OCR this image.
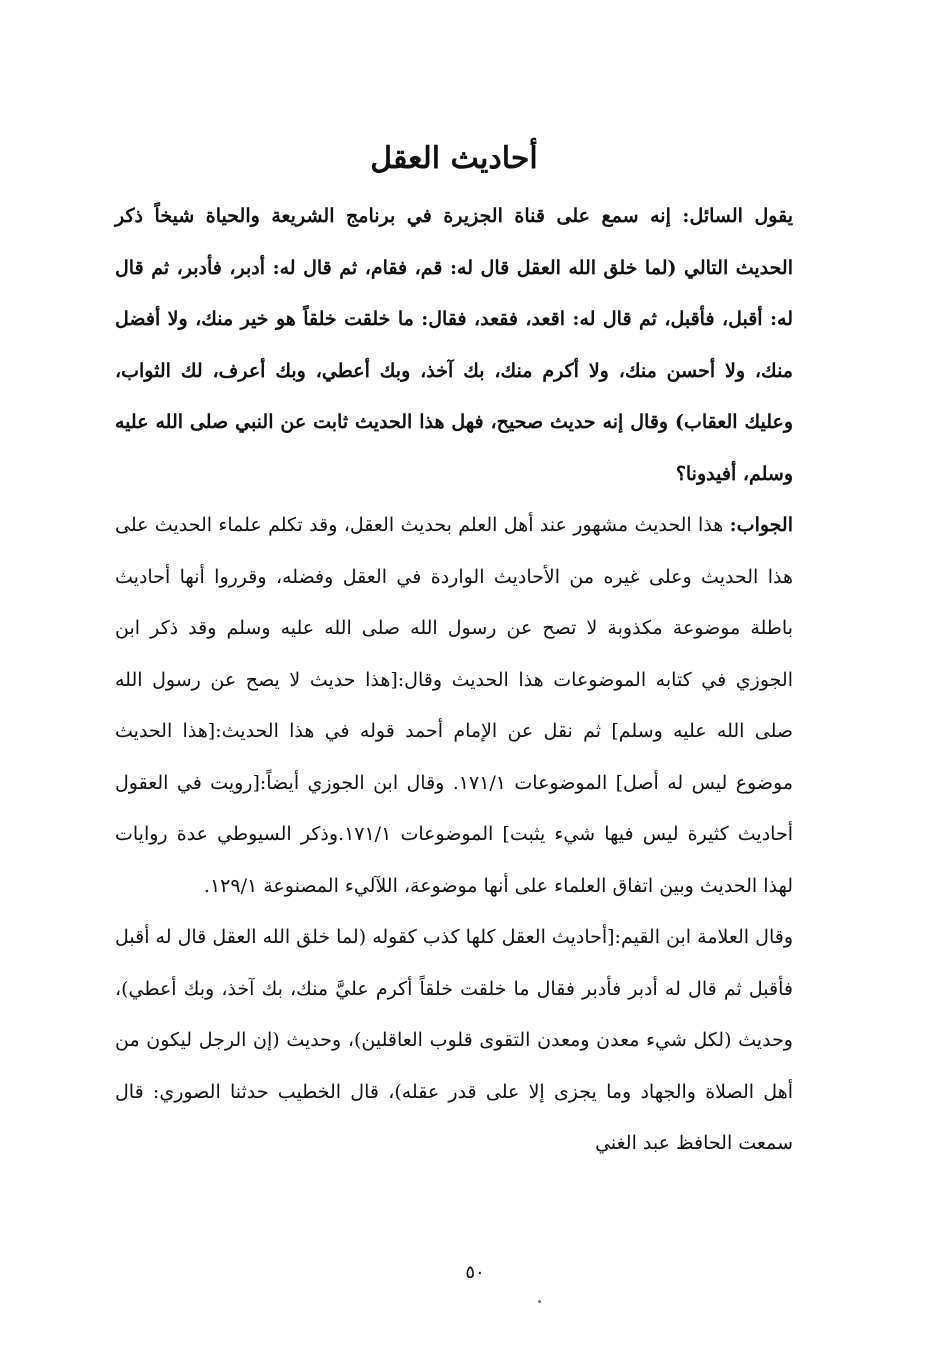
أحاديث العقل

يقول السائل: إنه سمع على قناة الجزيرة في برنامج الشريعة والحياة شيخاً ذكر الحديث التالي (لما خلق الله العقل قال له: قم، فقام، ثم قال له: أدبر، فأدبر، ثم قال له: أقبل، فأقبل، ثم قال له: اقعد، فقعد، فقال: ما خلقت خلقاً هو خير منك، ولا أفضل منك، ولا أحسن منك، ولا أكرم منك، بك آخذ، وبك أعطي، وبك أعرف، لك الثواب، وعليك العقاب) وقال إنه حديث صحيح، فهل هذا الحديث ثابت عن النبي صلى الله عليه وسلم، أفيدونا؟

الجواب: هذا الحديث مشهور عند أهل العلم بحديث العقل، وقد تكلم علماء الحديث على هذا الحديث وعلى غيره من الأحاديث الواردة في العقل وفضله، وقرروا أنها أحاديث باطلة موضوعة مكذوبة لا تصح عن رسول الله صلى الله عليه وسلم وقد ذكر ابن الجوزي في كتابه الموضوعات هذا الحديث وقال:[هذا حديث لا يصح عن رسول الله صلى الله عليه وسلم] ثم نقل عن الإمام أحمد قوله في هذا الحديث:[هذا الحديث موضوع ليس له أصل] الموضوعات ١٧١/١. وقال ابن الجوزي أيضاً:[رويت في العقول أحاديث كثيرة ليس فيها شيء يثبت] الموضوعات ١٧١/١.وذكر السيوطي عدة روايات لهذا الحديث وبين اتفاق العلماء على أنها موضوعة، اللآليء المصنوعة ١٢٩/١.

وقال العلامة ابن القيم:[أحاديث العقل كلها كذب كقوله (لما خلق الله العقل قال له أقبل فأقبل ثم قال له أدبر فأدبر فقال ما خلقت خلقاً أكرم عليَّ منك، بك آخذ، وبك أعطي)، وحديث (لكل شيء معدن ومعدن التقوى قلوب العاقلين)، وحديث (إن الرجل ليكون من أهل الصلاة والجهاد وما يجزى إلا على قدر عقله)، قال الخطيب حدثنا الصوري: قال سمعت الحافظ عبد الغني

٥٠
